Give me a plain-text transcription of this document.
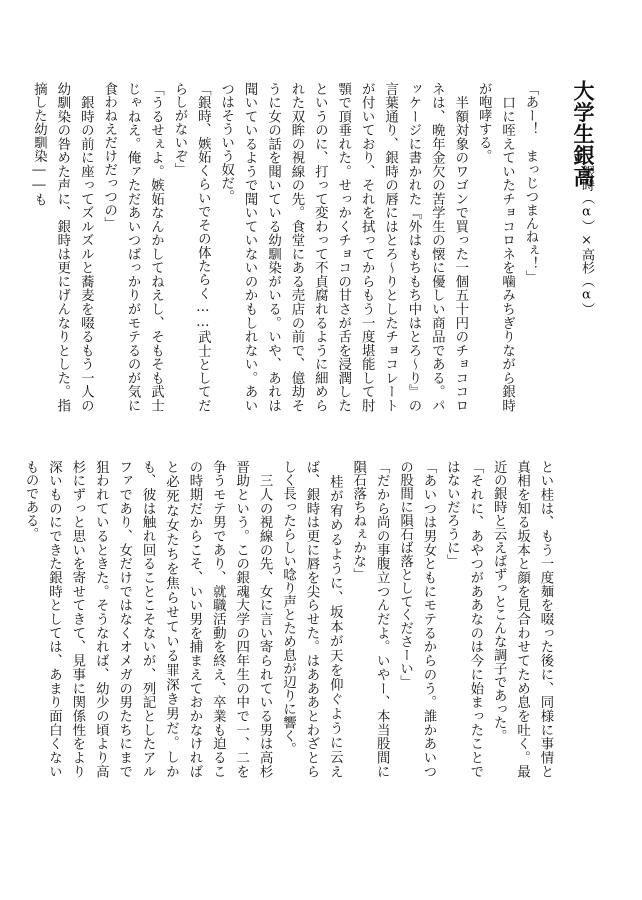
大学生銀高
銀時（α）×高杉（α）

「あー！　まっじつまんねぇ！」

　口に咥えていたチョコロネを噛みちぎりながら銀時が咆哮する。

　半額対象のワゴンで買った一個五十円のチョココロネは、晩年金欠の苦学生の懐に優しい商品である。パッケージに書かれた『外はもちもち中はとろ〜り』の言葉通り、銀時の唇にはとろ〜りとしたチョコレートが付いており、それを拭ってからもう一度堪能して肘顎で頂垂れた。せっかくチョコの甘さが舌を浸潤したというのに、打って変わって不貞腐れるように細められた双眸の視線の先。食堂にある売店の前で、億劫そうに女の話を聞いている幼馴染がいる。いや、あれは聞いているようで聞いていないのかもしれない。あいつはそういう奴だ。

「銀時、嫉妬くらいでその体たらく……武士としてだらしがないぞ」

「うるせぇよ。嫉妬なんかしてねえし、そもそも武士じゃねえ。俺ァただあいつばっかりがモテるのが気に食わねえだけだっつの」

　銀時の前に座ってズルズルと蕎麦を啜るもう一人の幼馴染の咎めた声に、銀時は更にげんなりとした。指摘した幼馴染――も

とい桂は、もう一度麺を啜った後に、同様に事情と真相を知る坂本と顔を見合わせてため息を吐く。最近の銀時と云えばずっとこんな調子であった。

「それに、あやつがああなのは今に始まったことではないだろうに」

「あいつは男女ともにモテるからのう。誰かあいつの股間に隕石ば落としてくださーい」

「だから尚の事腹立つんだよ。いやー、本当股間に隕石落ちねぇかな」

　桂が宥めるように、坂本が天を仰ぐように云えば、銀時は更に唇を尖らせた。はあああとわざとらしく長ったらしい唸り声とため息が辺りに響く。

　三人の視線の先、女に言い寄られている男は高杉晋助という。この銀魂大学の四年生の中で一、二を争うモテ男であり、就職活動を終え、卒業も迫るこの時期だからこそ、いい男を捕まえておかなければと必死な女たちを焦らせている罪深き男だ。しかも、彼は触れ回ることこそないが、列記としたアルファであり、女だけではなくオメガの男たちにまで狙われているときた。そうなれば、幼少の頃より高杉にずっと思いを寄せてきて、見事に関係性をより深いものにできた銀時としては、あまり面白くないものである。
